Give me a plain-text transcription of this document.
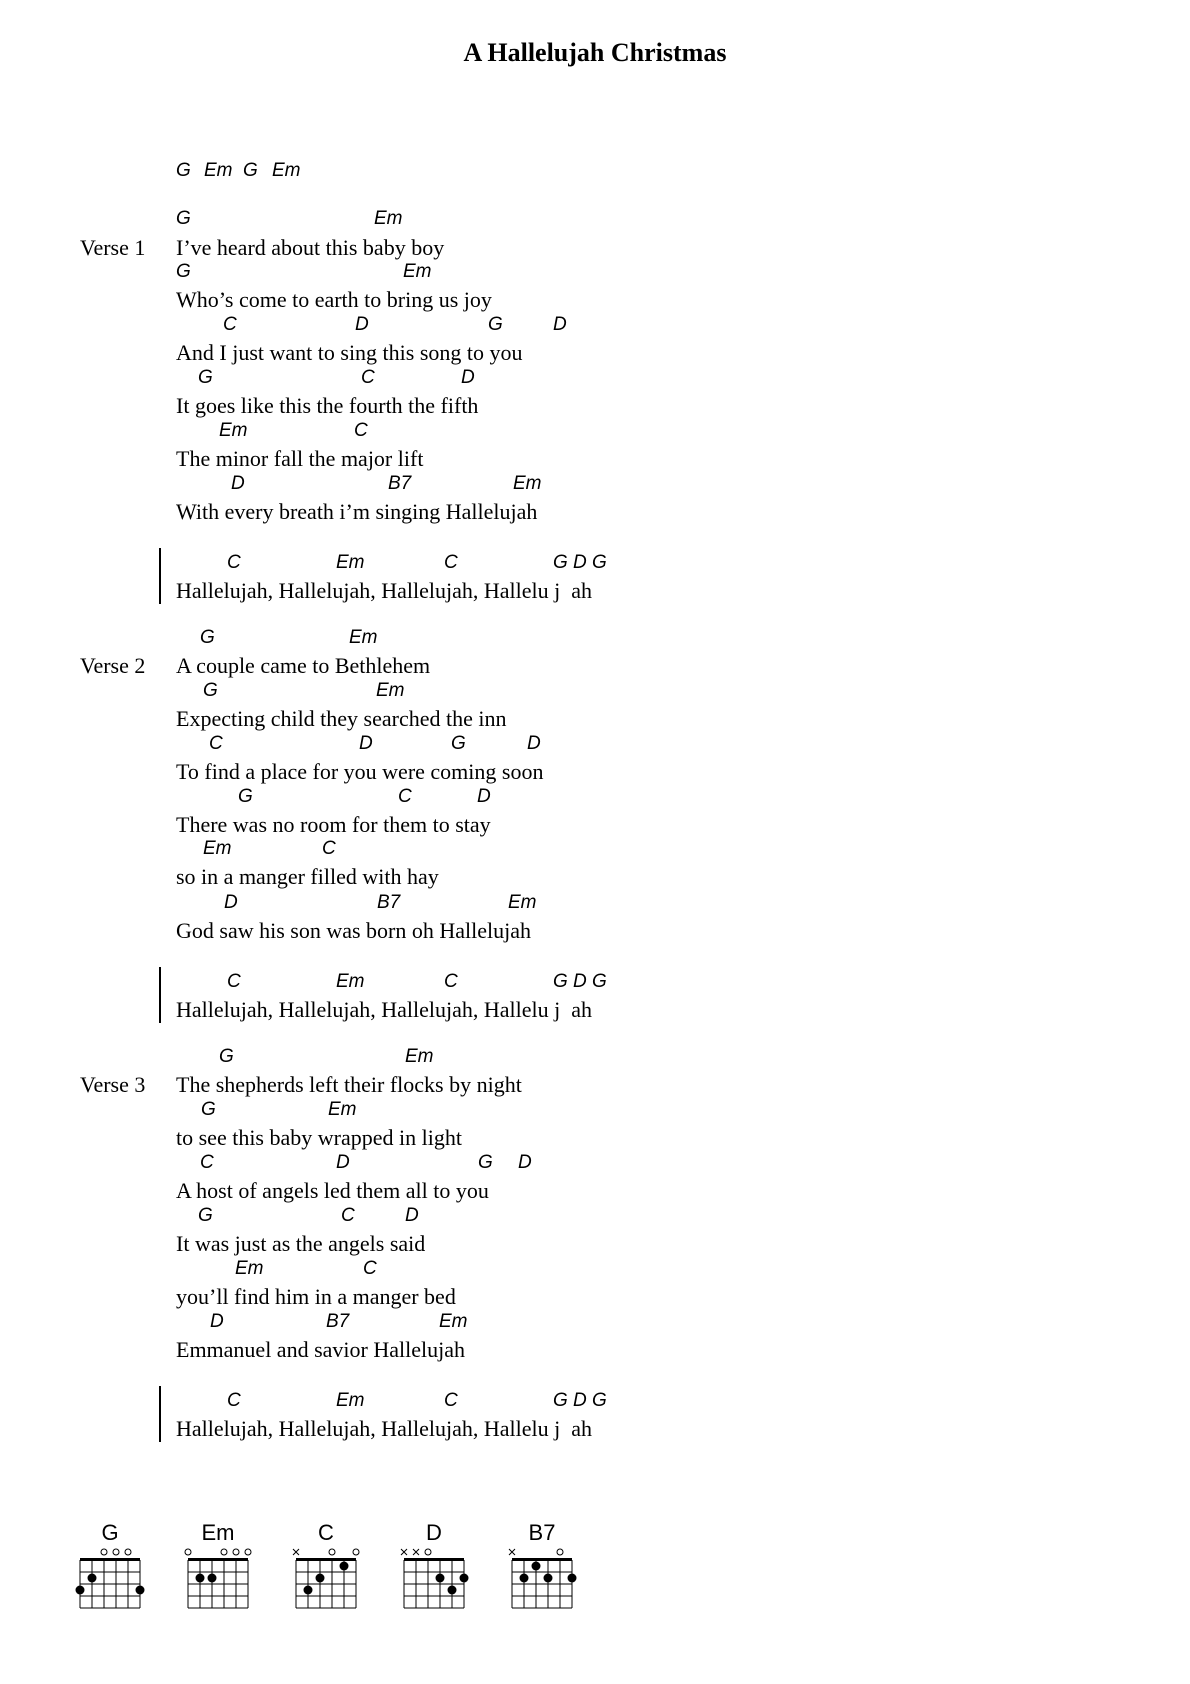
A Hallelujah Christmas
G Em G Em
Verse 1
G	Em
I’ve heard about this baby boy
G	Em
Who’s come to earth to bring us joy
C	D	G	D
And I just want to sing this song to you
G	C	D
It goes like this the fourth the fifth
Em	C
The minor fall the major lift
D	B7	Em
With every breath i’m singing Hallelujah
C	Em	C	G D G
Hallelujah, Hallelujah, Hallelujah, Hallelu j  ah
Verse 2
G	Em
A couple came to Bethlehem
G	Em
Expecting child they searched the inn
C	D	G	D
To find a place for you were coming soon
G	C	D
There was no room for them to stay
Em	C
so in a manger filled with hay
D	B7	Em
God saw his son was born oh Hallelujah
C	Em	C	G D G
Hallelujah, Hallelujah, Hallelujah, Hallelu j  ah
Verse 3
G	Em
The shepherds left their flocks by night
G	Em
to see this baby wrapped in light
C	D	G D
A host of angels led them all to you
G	C	D
It was just as the angels said
Em	C
you’ll find him in a manger bed
D	B7	Em
Emmanuel and savior Hallelujah
C	Em	C	G D G
Hallelujah, Hallelujah, Hallelujah, Hallelu j  ah
G	Em	C	D	B7
